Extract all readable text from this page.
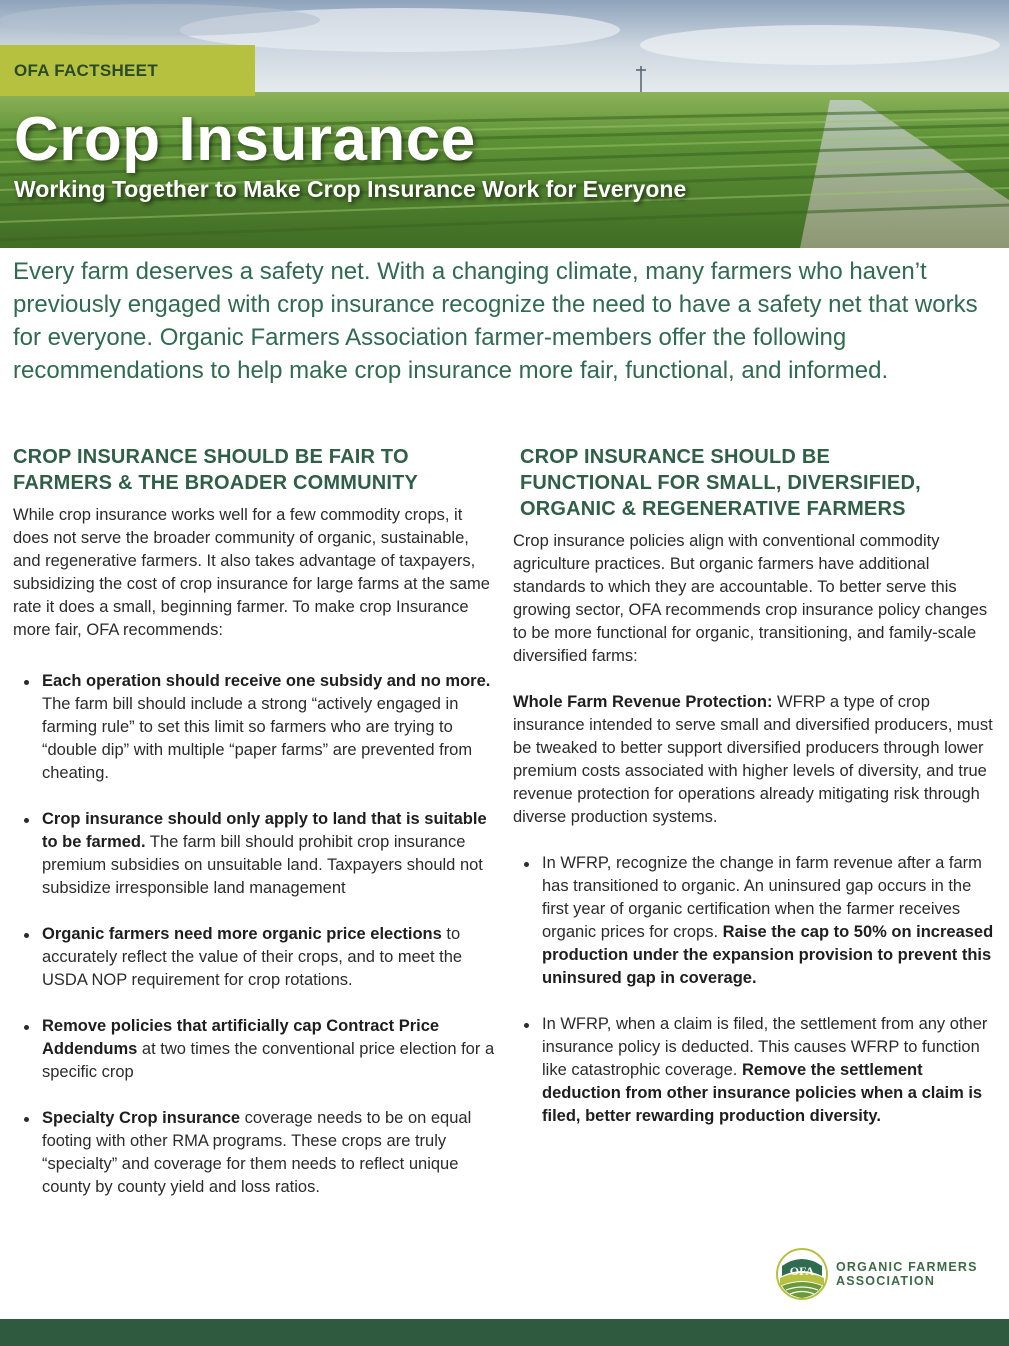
OFA FACTSHEET
Crop Insurance
Working Together to Make Crop Insurance Work for Everyone

Every farm deserves a safety net. With a changing climate, many farmers who haven’t previously engaged with crop insurance recognize the need to have a safety net that works for everyone. Organic Farmers Association farmer-members offer the following recommendations to help make crop insurance more fair, functional, and informed.

CROP INSURANCE SHOULD BE FAIR TO
FARMERS & THE BROADER COMMUNITY

While crop insurance works well for a few commodity crops, it does not serve the broader community of organic, sustainable, and regenerative farmers. It also takes advantage of taxpayers, subsidizing the cost of crop insurance for large farms at the same rate it does a small, beginning farmer. To make crop Insurance more fair, OFA recommends:

Each operation should receive one subsidy and no more. The farm bill should include a strong “actively engaged in farming rule” to set this limit so farmers who are trying to “double dip” with multiple “paper farms” are prevented from cheating.
Crop insurance should only apply to land that is suitable to be farmed. The farm bill should prohibit crop insurance premium subsidies on unsuitable land. Taxpayers should not subsidize irresponsible land management
Organic farmers need more organic price elections to accurately reflect the value of their crops, and to meet the USDA NOP requirement for crop rotations.
Remove policies that artificially cap Contract Price Addendums at two times the conventional price election for a specific crop
Specialty Crop insurance coverage needs to be on equal footing with other RMA programs. These crops are truly “specialty” and coverage for them needs to reflect unique county by county yield and loss ratios.
CROP INSURANCE SHOULD BE
FUNCTIONAL FOR SMALL, DIVERSIFIED,
ORGANIC & REGENERATIVE FARMERS

Crop insurance policies align with conventional commodity agriculture practices. But organic farmers have additional standards to which they are accountable. To better serve this growing sector, OFA recommends crop insurance policy changes to be more functional for organic, transitioning, and family-scale diversified farms:

Whole Farm Revenue Protection: WFRP a type of crop insurance intended to serve small and diversified producers, must be tweaked to better support diversified producers through lower premium costs associated with higher levels of diversity, and true revenue protection for operations already mitigating risk through diverse production systems.

In WFRP, recognize the change in farm revenue after a farm has transitioned to organic. An uninsured gap occurs in the first year of organic certification when the farmer receives organic prices for crops. Raise the cap to 50% on increased production under the expansion provision to prevent this uninsured gap in coverage.
In WFRP, when a claim is filed, the settlement from any other insurance policy is deducted. This causes WFRP to function like catastrophic coverage. Remove the settlement deduction from other insurance policies when a claim is filed, better rewarding production diversity.
OFA ORGANIC FARMERS
ASSOCIATION
